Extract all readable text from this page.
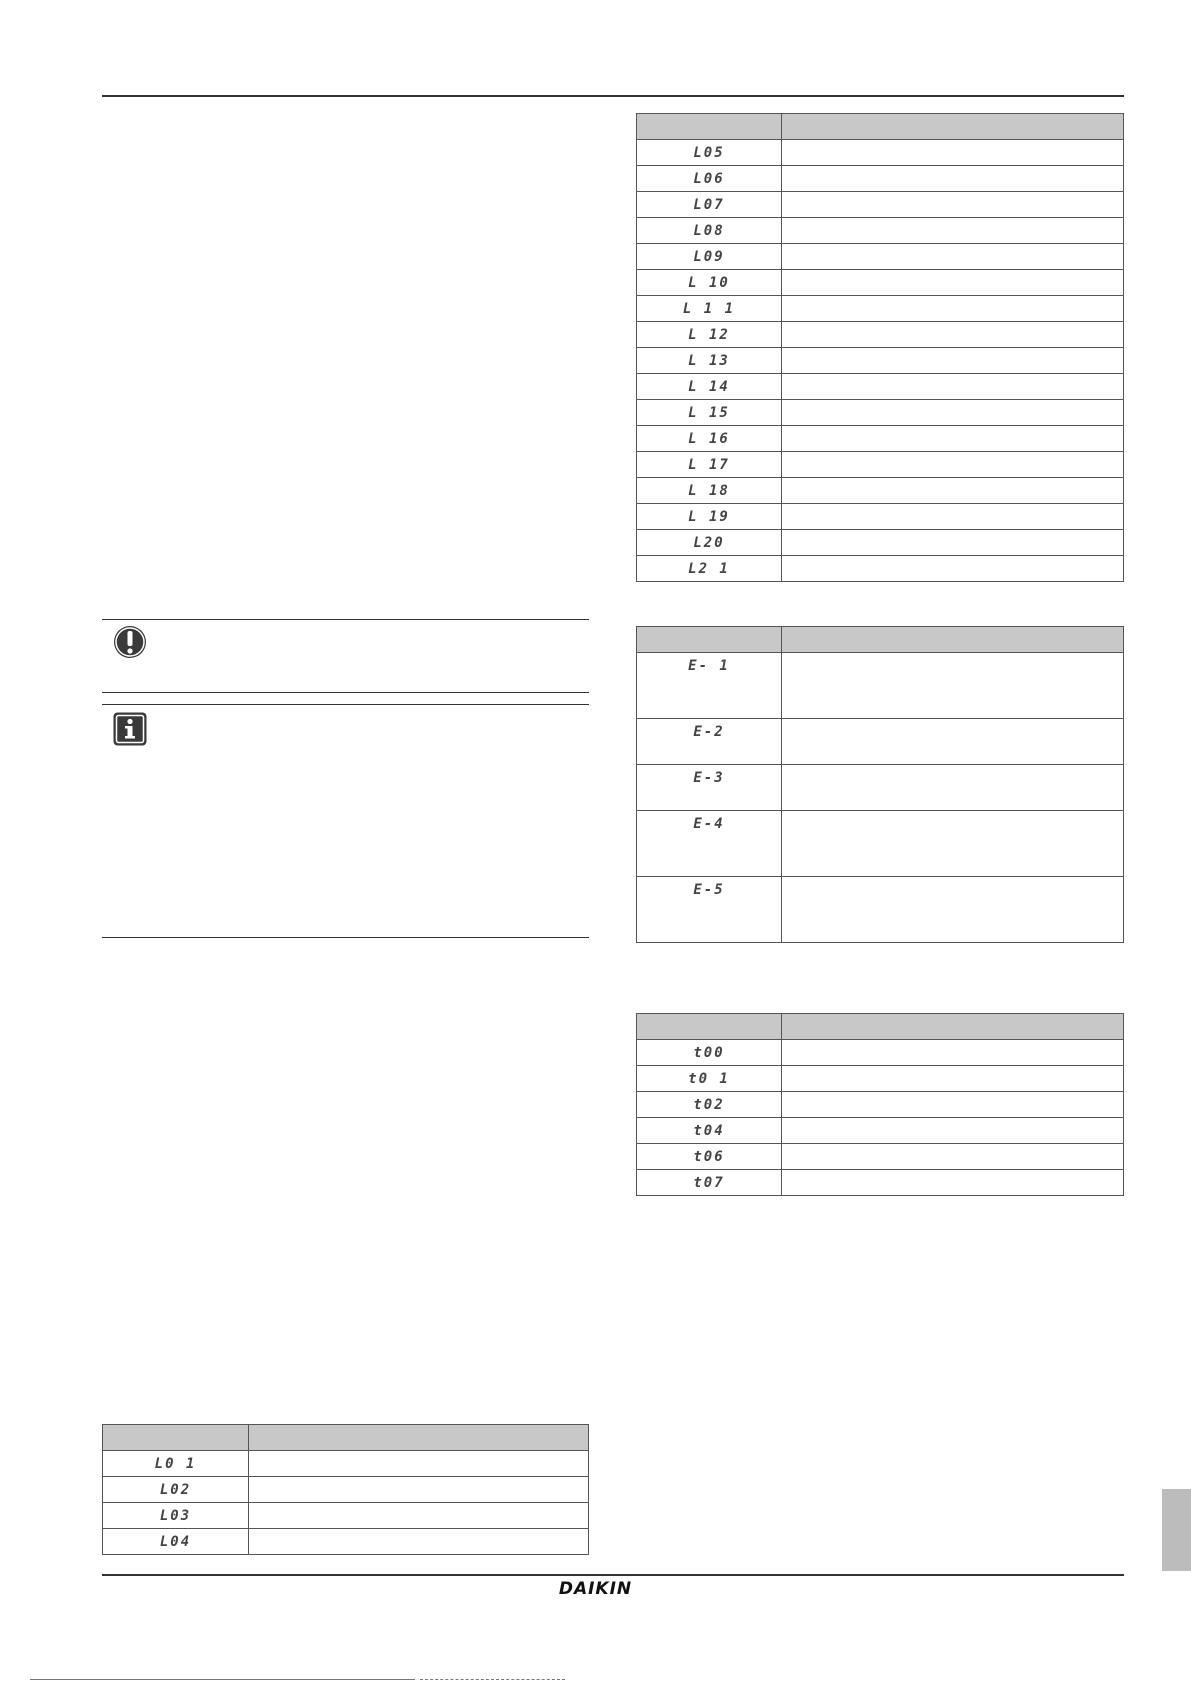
L0 1	
L02	
L03	
L04	

L05	
L06	
L07	
L08	
L09	
L 10	
L 1 1	
L 12	
L 13	
L 14	
L 15	
L 16	
L 17	
L 18	
L 19	
L20	
L2 1	

E- 1	
E-2	
E-3	
E-4	
E-5	

t00	
t0 1	
t02	
t04	
t06	
t07	
DAIKIN
